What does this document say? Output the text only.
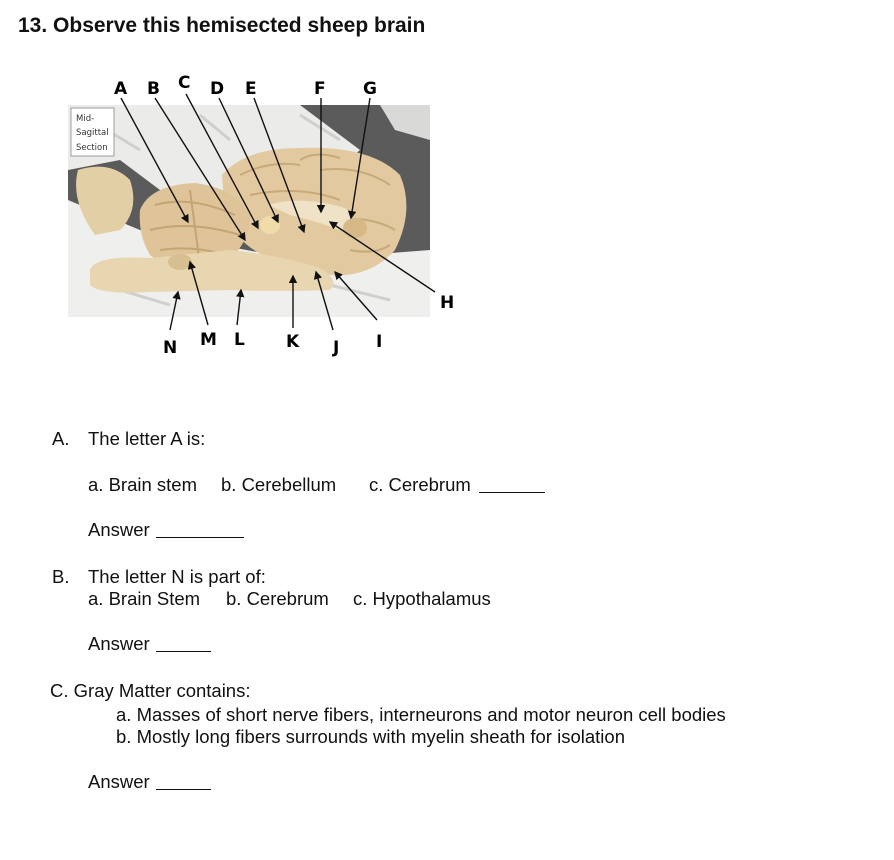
13. Observe this hemisected sheep brain
Mid-
Sagittal
Section
A B C D E	F G
N M L K J I
H
A. The letter A is:
a. Brain stem b. Cerebellum c. Cerebrum
Answer
B. The letter N is part of:
a. Brain Stem b. Cerebrum c. Hypothalamus
Answer
C. Gray Matter contains:
a. Masses of short nerve fibers, interneurons and motor neuron cell bodies
b. Mostly long fibers surrounds with myelin sheath for isolation
Answer
